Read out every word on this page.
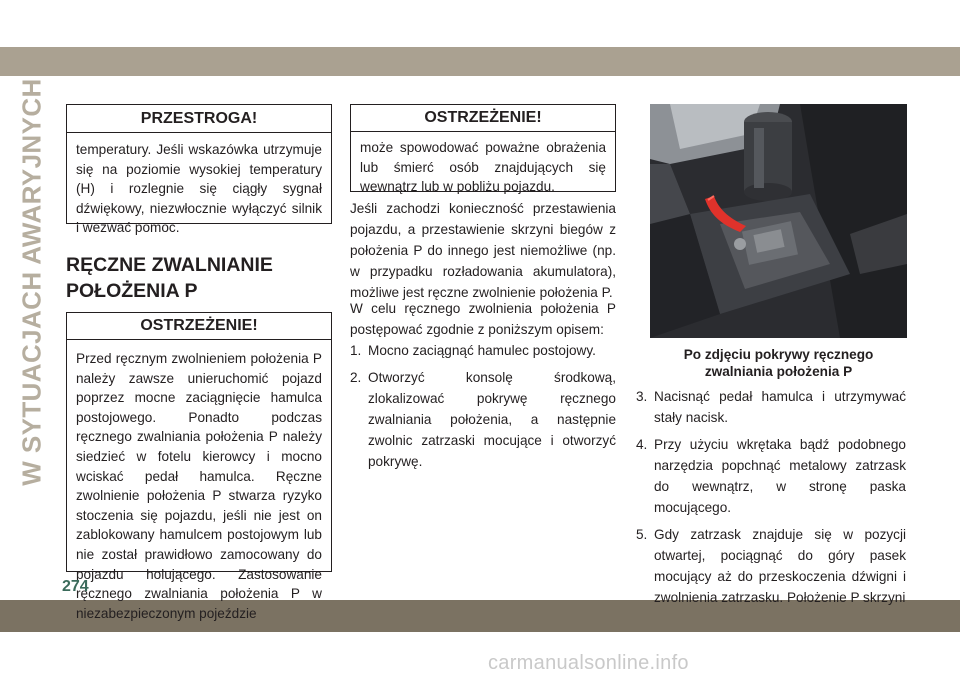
W SYTUACJACH AWARYJNYCH	PRZESTROGA!
temperatury. Jeśli wskazówka utrzymuje się na poziomie wysokiej temperatury (H) i rozlegnie się ciągły sygnał dźwiękowy, niezwłocznie wyłączyć silnik i wezwać pomoc.
RĘCZNE ZWALNIANIE POŁOŻENIA P
OSTRZEŻENIE!
Przed ręcznym zwolnieniem położenia P należy zawsze unieruchomić pojazd poprzez mocne zaciągnięcie hamulca postojowego. Ponadto podczas ręcznego zwalniania położenia P należy siedzieć w fotelu kierowcy i mocno wciskać pedał hamulca. Ręczne zwolnienie położenia P stwarza ryzyko stoczenia się pojazdu, jeśli nie jest on zablokowany hamulcem postojowym lub nie został prawidłowo zamocowany do pojazdu holującego. Zastosowanie ręcznego zwalniania położenia P w niezabezpieczonym pojeździe
OSTRZEŻENIE!
może spowodować poważne obrażenia lub śmierć osób znajdujących się wewnątrz lub w pobliżu pojazdu.
Jeśli zachodzi konieczność przestawienia pojazdu, a przestawienie skrzyni biegów z położenia P do innego jest niemożliwe (np. w przypadku rozładowania akumulatora), możliwe jest ręczne zwolnienie położenia P.
W celu ręcznego zwolnienia położenia P postępować zgodnie z poniższym opisem:
1. Mocno zaciągnąć hamulec postojowy.
2. Otworzyć konsolę środkową, zlokalizować pokrywę ręcznego zwalniania położenia, a następnie zwolnic zatrzaski mocujące i otworzyć pokrywę.
Po zdjęciu pokrywy ręcznego zwalniania położenia P
3. Nacisnąć pedał hamulca i utrzymywać stały nacisk.
4. Przy użyciu wkrętaka bądź podobnego narzędzia popchnąć metalowy zatrzask do wewnątrz, w stronę paska mocującego.
5. Gdy zatrzask znajduje się w pozycji otwartej, pociągnąć do góry pasek mocujący aż do przeskoczenia dźwigni i zwolnienia zatrzasku. Położenie P skrzyni
274
carmanualsonline.info
